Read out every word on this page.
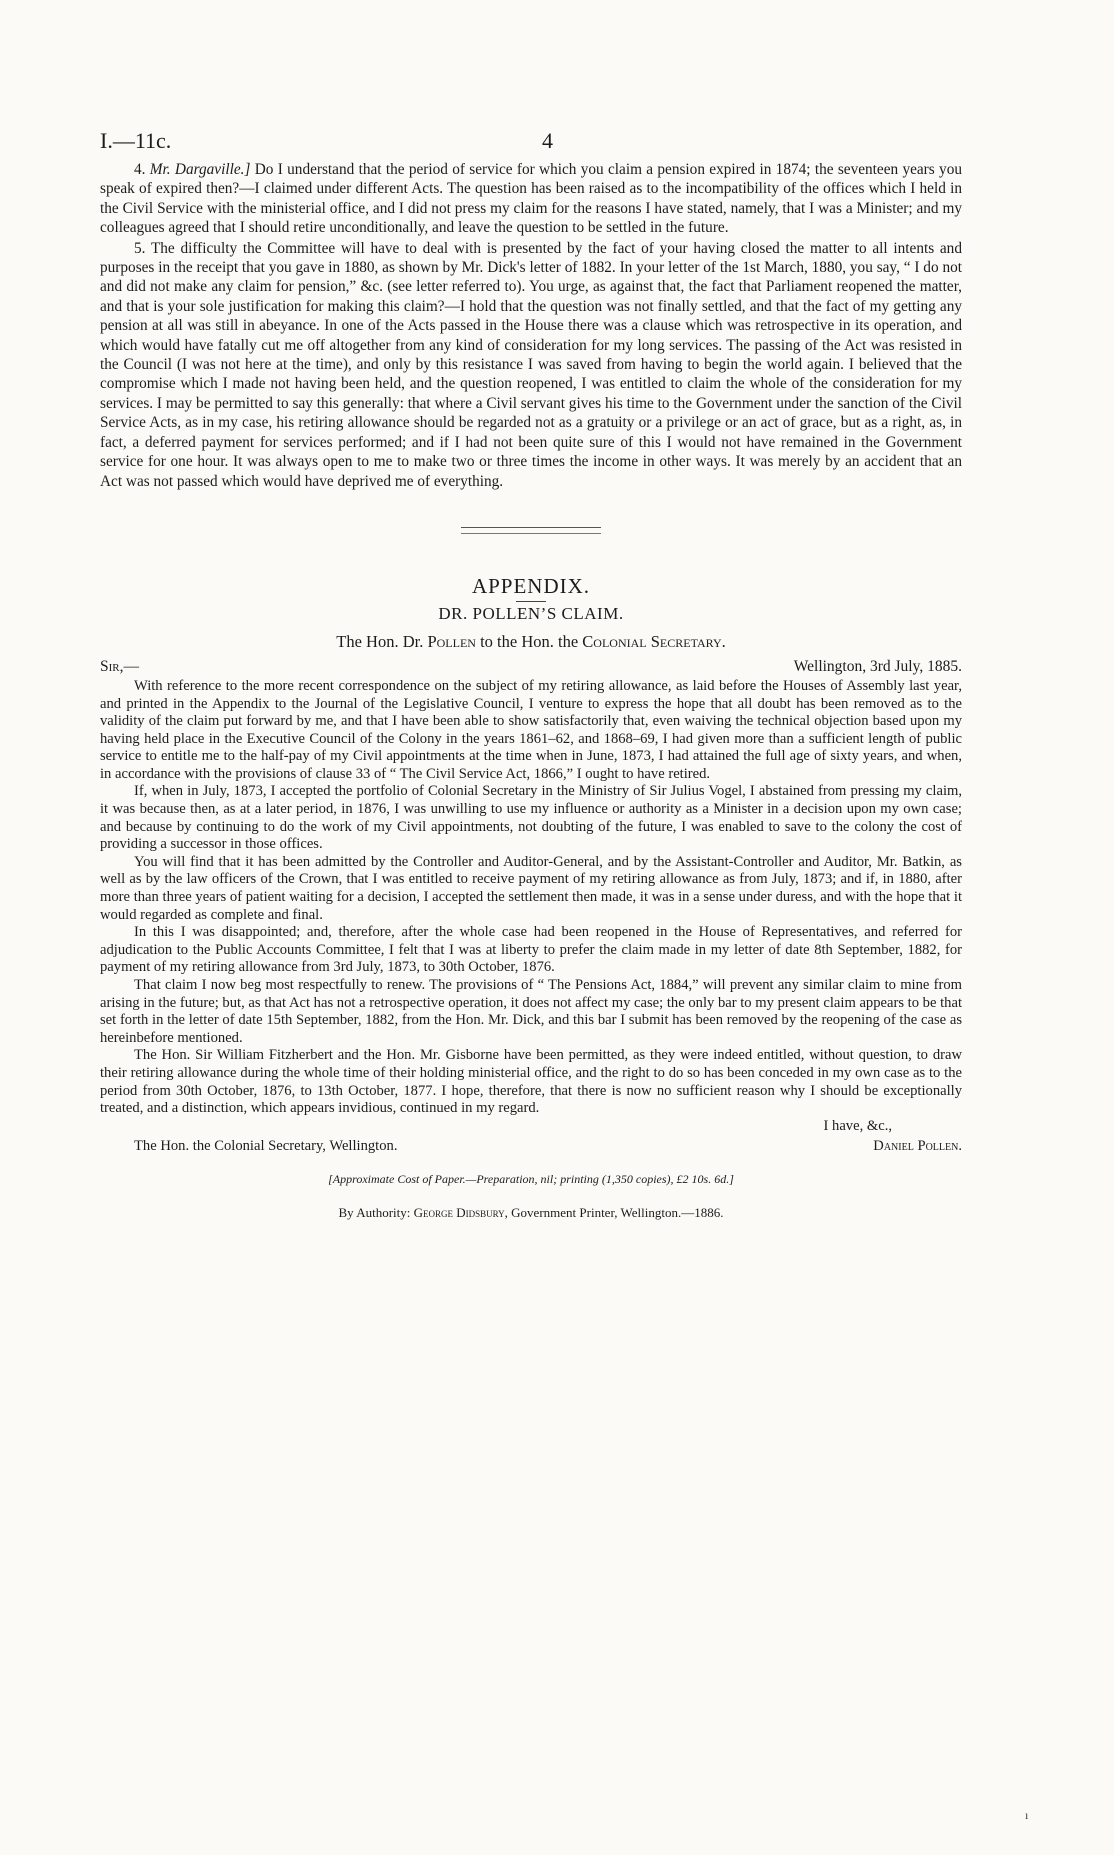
I.—11c.	4

4. Mr. Dargaville.] Do I understand that the period of service for which you claim a pension expired in 1874; the seventeen years you speak of expired then?—I claimed under different Acts. The question has been raised as to the incompatibility of the offices which I held in the Civil Service with the ministerial office, and I did not press my claim for the reasons I have stated, namely, that I was a Minister; and my colleagues agreed that I should retire unconditionally, and leave the question to be settled in the future.

5. The difficulty the Committee will have to deal with is presented by the fact of your having closed the matter to all intents and purposes in the receipt that you gave in 1880, as shown by Mr. Dick's letter of 1882. In your letter of the 1st March, 1880, you say, “ I do not and did not make any claim for pension,” &c. (see letter referred to). You urge, as against that, the fact that Parliament reopened the matter, and that is your sole justification for making this claim?—I hold that the question was not finally settled, and that the fact of my getting any pension at all was still in abeyance. In one of the Acts passed in the House there was a clause which was retrospective in its operation, and which would have fatally cut me off altogether from any kind of consideration for my long services. The passing of the Act was resisted in the Council (I was not here at the time), and only by this resistance I was saved from having to begin the world again. I believed that the compromise which I made not having been held, and the question reopened, I was entitled to claim the whole of the consideration for my services. I may be permitted to say this generally: that where a Civil servant gives his time to the Government under the sanction of the Civil Service Acts, as in my case, his retiring allowance should be regarded not as a gratuity or a privilege or an act of grace, but as a right, as, in fact, a deferred payment for services performed; and if I had not been quite sure of this I would not have remained in the Government service for one hour. It was always open to me to make two or three times the income in other ways. It was merely by an accident that an Act was not passed which would have deprived me of everything.

APPENDIX.
DR. POLLEN’S CLAIM.
The Hon. Dr. Pollen to the Hon. the Colonial Secretary.
Sir,—	Wellington, 3rd July, 1885.

With reference to the more recent correspondence on the subject of my retiring allowance, as laid before the Houses of Assembly last year, and printed in the Appendix to the Journal of the Legislative Council, I venture to express the hope that all doubt has been removed as to the validity of the claim put forward by me, and that I have been able to show satisfactorily that, even waiving the technical objection based upon my having held place in the Executive Council of the Colony in the years 1861–62, and 1868–69, I had given more than a sufficient length of public service to entitle me to the half-pay of my Civil appointments at the time when in June, 1873, I had attained the full age of sixty years, and when, in accordance with the provisions of clause 33 of “ The Civil Service Act, 1866,” I ought to have retired.

If, when in July, 1873, I accepted the portfolio of Colonial Secretary in the Ministry of Sir Julius Vogel, I abstained from pressing my claim, it was because then, as at a later period, in 1876, I was unwilling to use my influence or authority as a Minister in a decision upon my own case; and because by continuing to do the work of my Civil appointments, not doubting of the future, I was enabled to save to the colony the cost of providing a successor in those offices.

You will find that it has been admitted by the Controller and Auditor-General, and by the Assistant-Controller and Auditor, Mr. Batkin, as well as by the law officers of the Crown, that I was entitled to receive payment of my retiring allowance as from July, 1873; and if, in 1880, after more than three years of patient waiting for a decision, I accepted the settlement then made, it was in a sense under duress, and with the hope that it would regarded as complete and final.

In this I was disappointed; and, therefore, after the whole case had been reopened in the House of Representatives, and referred for adjudication to the Public Accounts Committee, I felt that I was at liberty to prefer the claim made in my letter of date 8th September, 1882, for payment of my retiring allowance from 3rd July, 1873, to 30th October, 1876.

That claim I now beg most respectfully to renew. The provisions of “ The Pensions Act, 1884,” will prevent any similar claim to mine from arising in the future; but, as that Act has not a retrospective operation, it does not affect my case; the only bar to my present claim appears to be that set forth in the letter of date 15th September, 1882, from the Hon. Mr. Dick, and this bar I submit has been removed by the reopening of the case as hereinbefore mentioned.

The Hon. Sir William Fitzherbert and the Hon. Mr. Gisborne have been permitted, as they were indeed entitled, without question, to draw their retiring allowance during the whole time of their holding ministerial office, and the right to do so has been conceded in my own case as to the period from 30th October, 1876, to 13th October, 1877. I hope, therefore, that there is now no sufficient reason why I should be exceptionally treated, and a distinction, which appears invidious, continued in my regard.

I have, &c.,
The Hon. the Colonial Secretary, Wellington.	Daniel Pollen.
[Approximate Cost of Paper.—Preparation, nil; printing (1,350 copies), £2 10s. 6d.]
By Authority: George Didsbury, Government Printer, Wellington.—1886.
ı
